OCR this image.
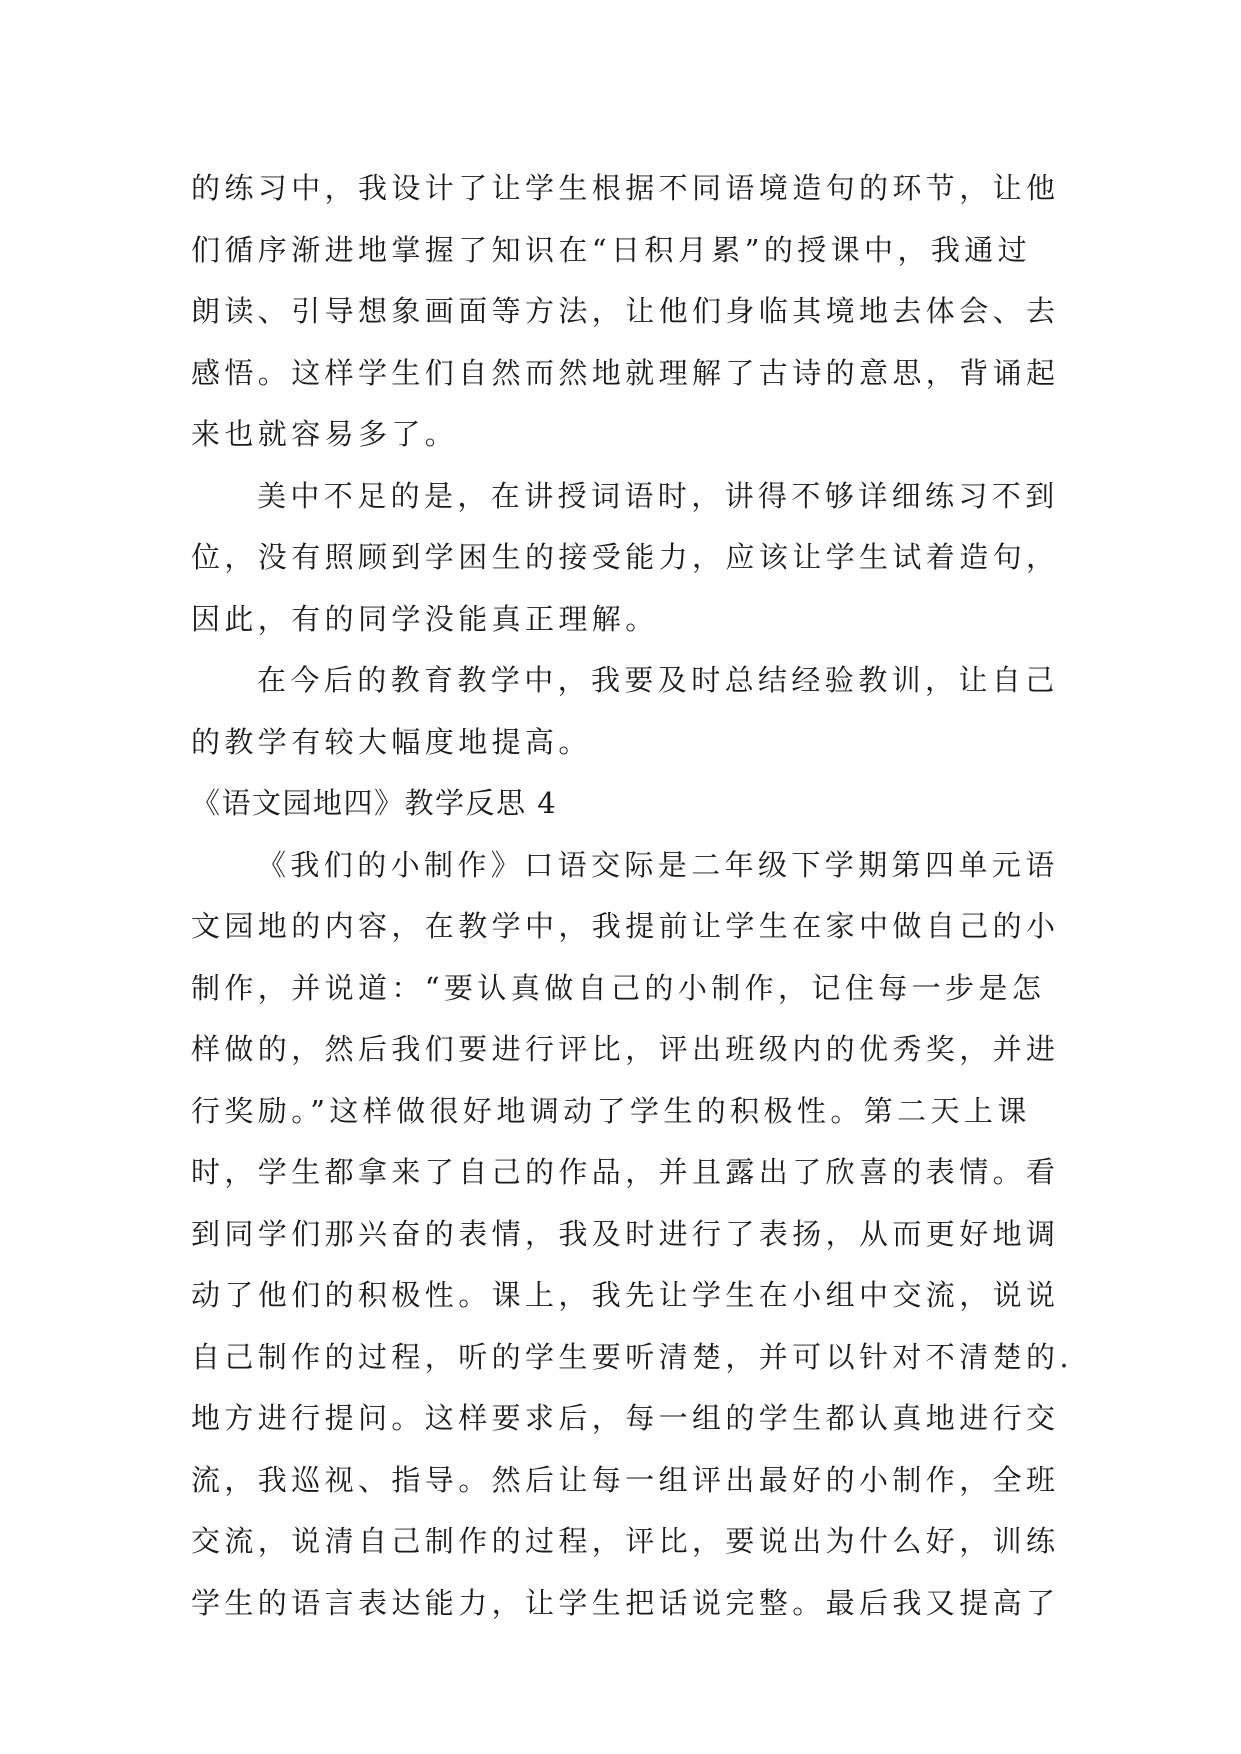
的练习中，我设计了让学生根据不同语境造句的环节，让他
们循序渐进地掌握了知识在“日积月累”的授课中，我通过
朗读、引导想象画面等方法，让他们身临其境地去体会、去
感悟。这样学生们自然而然地就理解了古诗的意思，背诵起
来也就容易多了。
美中不足的是，在讲授词语时，讲得不够详细练习不到
位，没有照顾到学困生的接受能力，应该让学生试着造句，
因此，有的同学没能真正理解。
在今后的教育教学中，我要及时总结经验教训，让自己
的教学有较大幅度地提高。
《语文园地四》教学反思 4
《我们的小制作》口语交际是二年级下学期第四单元语
文园地的内容，在教学中，我提前让学生在家中做自己的小
制作，并说道：“要认真做自己的小制作，记住每一步是怎
样做的，然后我们要进行评比，评出班级内的优秀奖，并进
行奖励。”这样做很好地调动了学生的积极性。第二天上课
时，学生都拿来了自己的作品，并且露出了欣喜的表情。看
到同学们那兴奋的表情，我及时进行了表扬，从而更好地调
动了他们的积极性。课上，我先让学生在小组中交流，说说
自己制作的过程，听的学生要听清楚，并可以针对不清楚的.
地方进行提问。这样要求后，每一组的学生都认真地进行交
流，我巡视、指导。然后让每一组评出最好的小制作，全班
交流，说清自己制作的过程，评比，要说出为什么好，训练
学生的语言表达能力，让学生把话说完整。最后我又提高了
